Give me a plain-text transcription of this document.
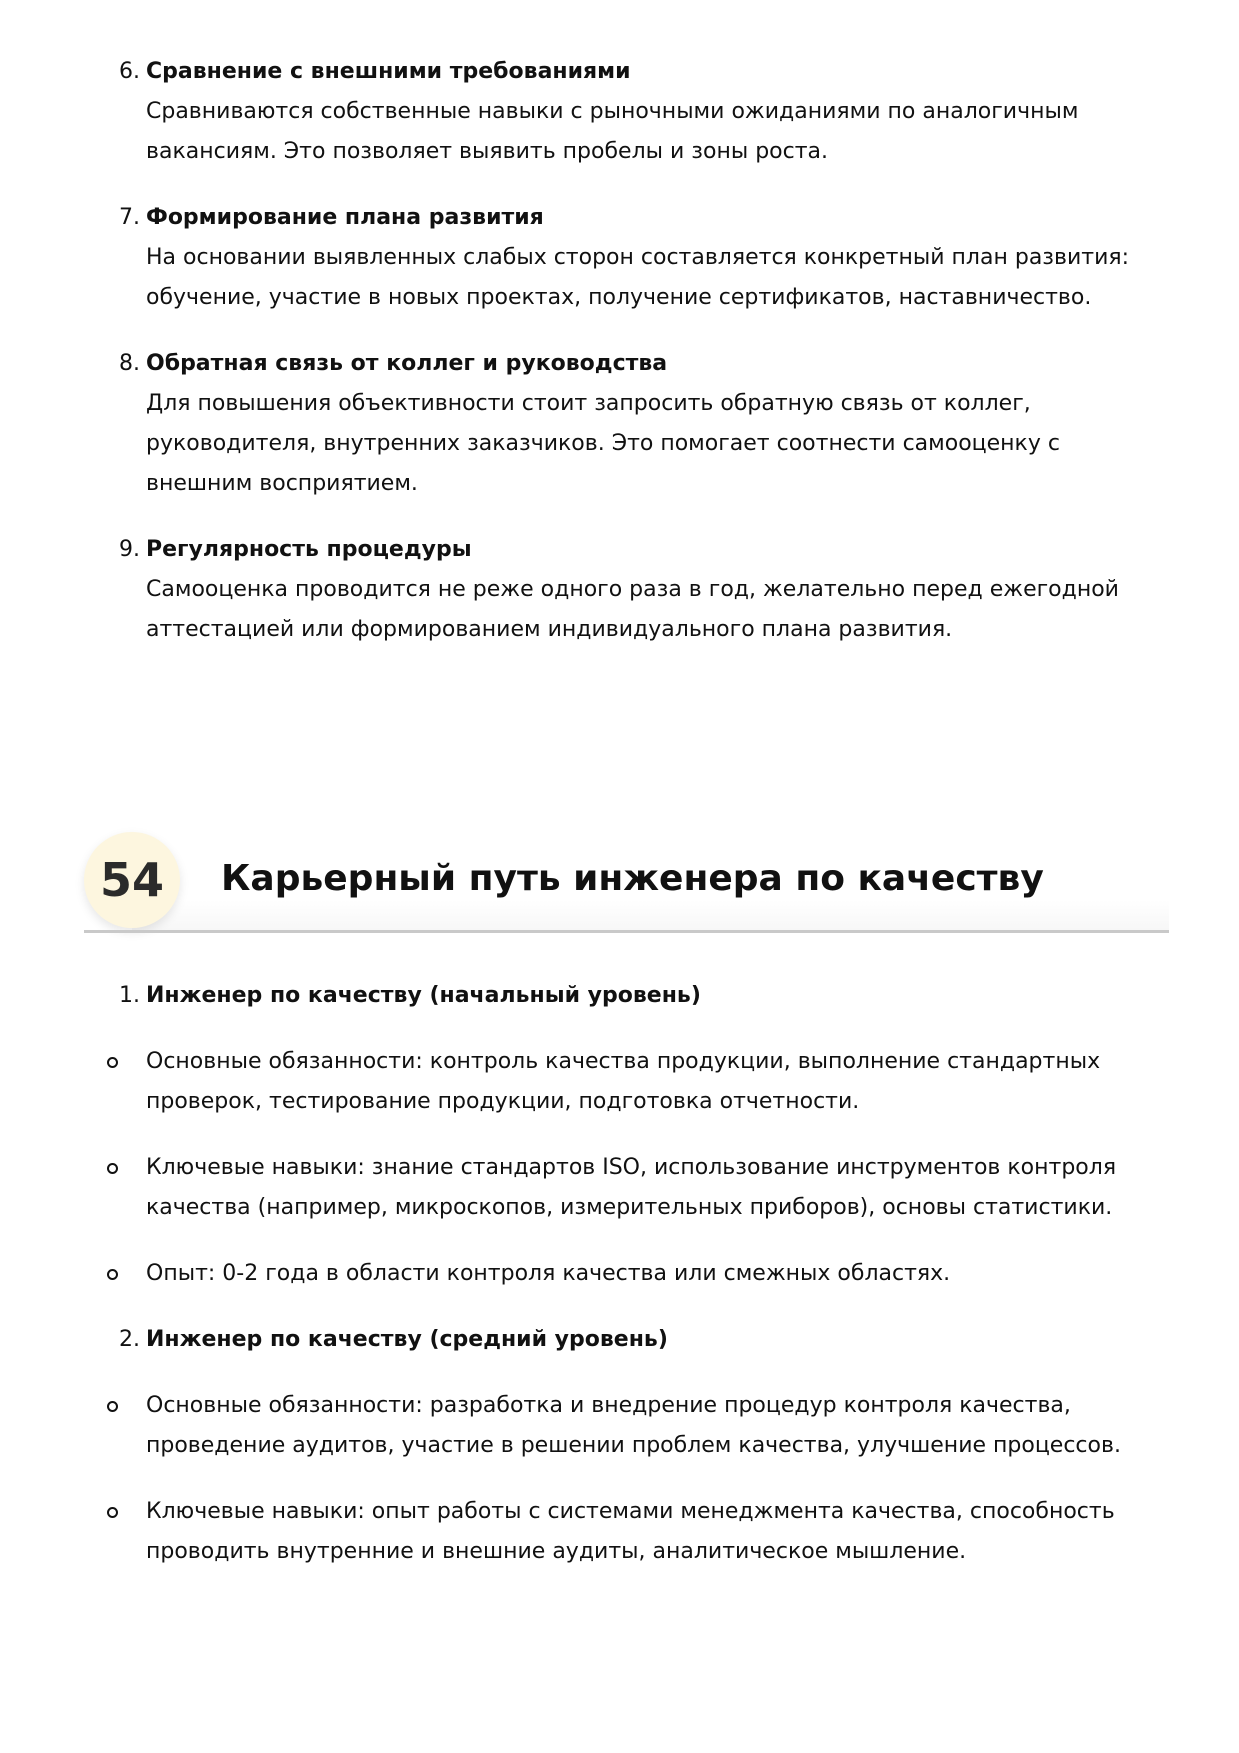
6. Сравнение с внешними требованиями

Сравниваются собственные навыки с рыночными ожиданиями по аналогичным вакансиям. Это позволяет выявить пробелы и зоны роста.

7. Формирование плана развития

На основании выявленных слабых сторон составляется конкретный план развития: обучение, участие в новых проектах, получение сертификатов, наставничество.

8. Обратная связь от коллег и руководства

Для повышения объективности стоит запросить обратную связь от коллег, руководителя, внутренних заказчиков. Это помогает соотнести самооценку с внешним восприятием.

9. Регулярность процедуры

Самооценка проводится не реже одного раза в год, желательно перед ежегодной аттестацией или формированием индивидуального плана развития.

54	Карьерный путь инженера по качеству
1. Инженер по качеству (начальный уровень)

Основные обязанности: контроль качества продукции, выполнение стандартных проверок, тестирование продукции, подготовка отчетности.
Ключевые навыки: знание стандартов ISO, использование инструментов контроля качества (например, микроскопов, измерительных приборов), основы статистики.
Опыт: 0-2 года в области контроля качества или смежных областях.
2. Инженер по качеству (средний уровень)

Основные обязанности: разработка и внедрение процедур контроля качества, проведение аудитов, участие в решении проблем качества, улучшение процессов.
Ключевые навыки: опыт работы с системами менеджмента качества, способность проводить внутренние и внешние аудиты, аналитическое мышление.
